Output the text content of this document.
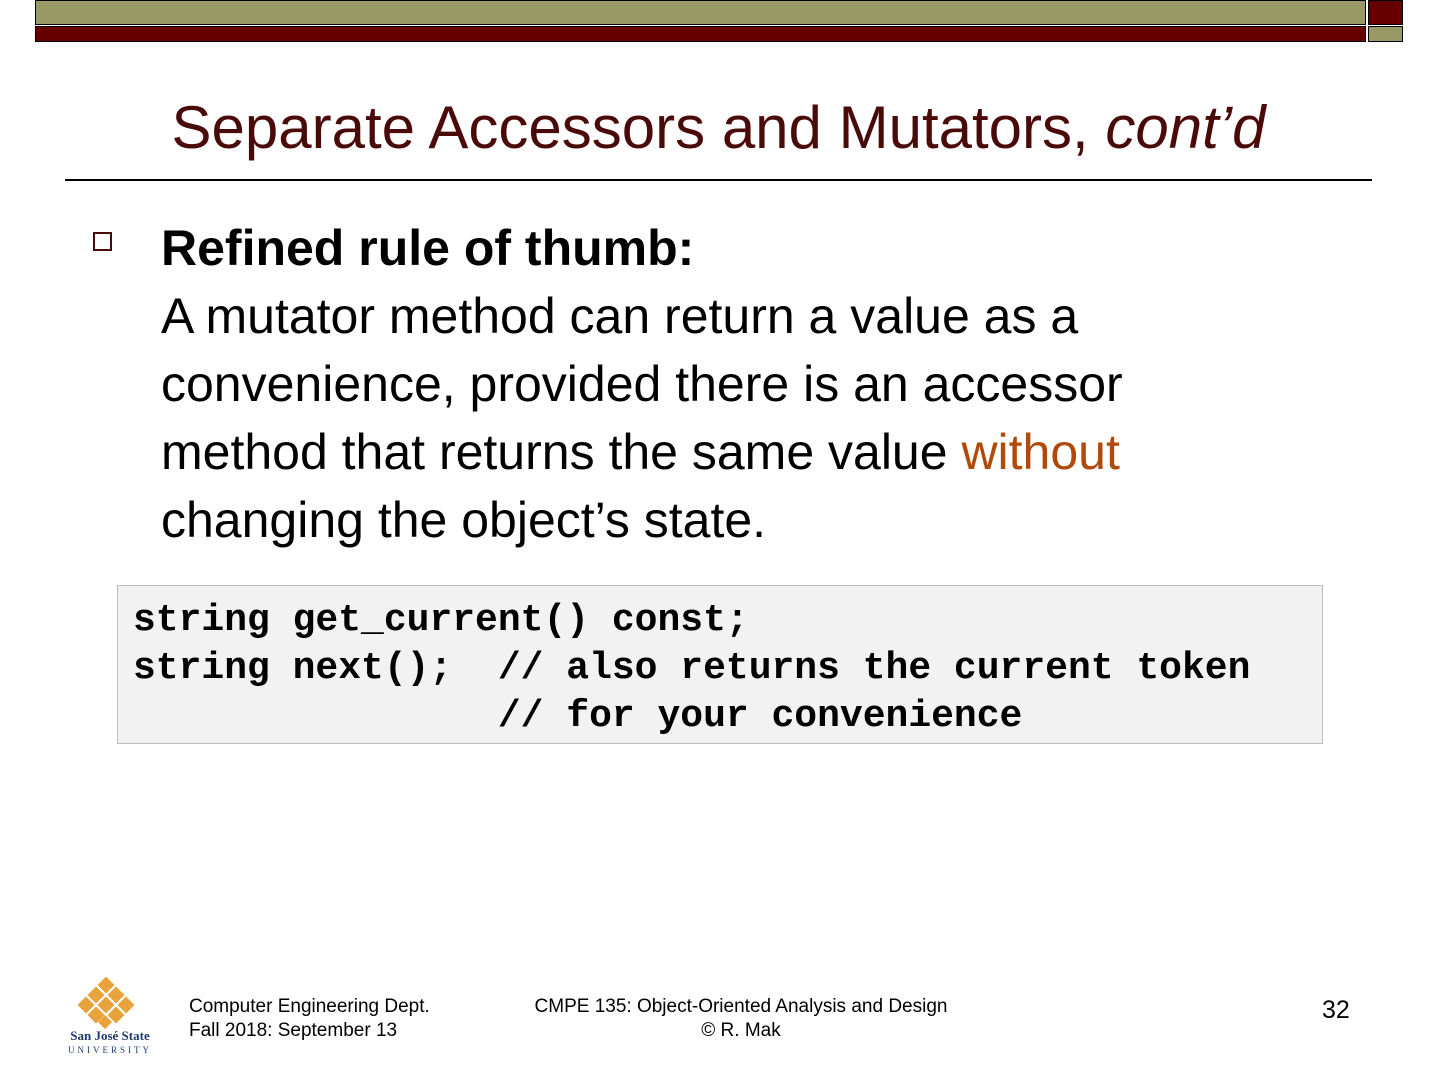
Separate Accessors and Mutators, cont’d
Refined rule of thumb:
A mutator method can return a value as a convenience, provided there is an accessor method that returns the same value without changing the object’s state.
string get_current() const;
string next();  // also returns the current token
// for your convenience
San José State
UNIVERSITY
Computer Engineering Dept.
Fall 2018: September 13
CMPE 135: Object-Oriented Analysis and Design
© R. Mak
32
